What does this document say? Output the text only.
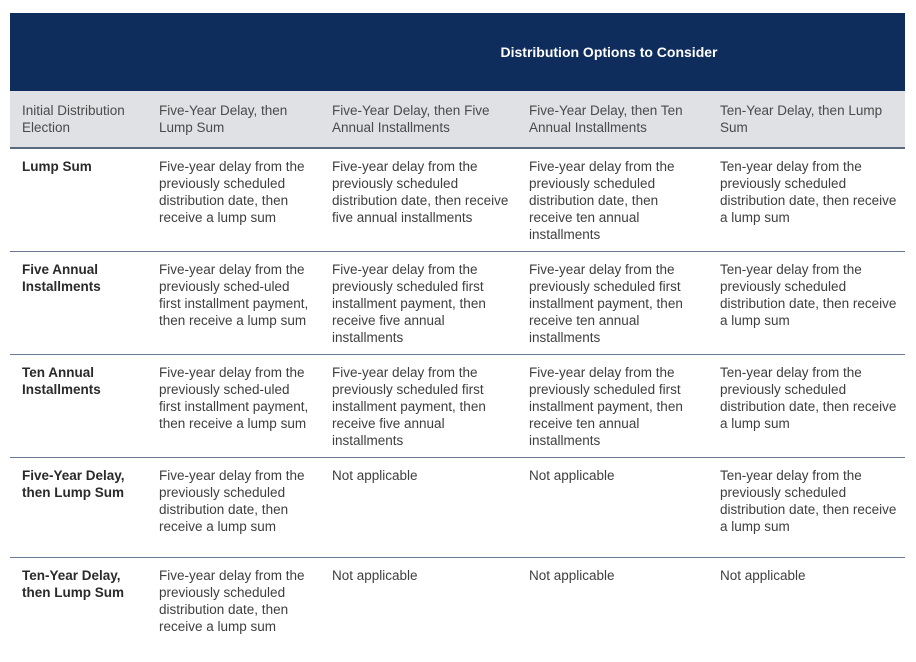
Distribution Options to Consider
Initial Distribution Election	Five-Year Delay, then Lump Sum	Five-Year Delay, then Five Annual Installments	Five-Year Delay, then Ten Annual Installments	Ten-Year Delay, then Lump Sum
Lump Sum	Five-year delay from the previously scheduled distribution date, then receive a lump sum	Five-year delay from the previously scheduled distribution date, then receive five annual installments	Five-year delay from the previously scheduled distribution date, then receive ten annual installments	Ten-year delay from the previously scheduled distribution date, then receive a lump sum
Five Annual Installments	Five-year delay from the previously sched-uled first installment payment, then receive a lump sum	Five-year delay from the previously scheduled first installment payment, then receive five annual installments	Five-year delay from the previously scheduled first installment payment, then receive ten annual installments	Ten-year delay from the previously scheduled distribution date, then receive a lump sum
Ten Annual Installments	Five-year delay from the previously sched-uled first installment payment, then receive a lump sum	Five-year delay from the previously scheduled first installment payment, then receive five annual installments	Five-year delay from the previously scheduled first installment payment, then receive ten annual installments	Ten-year delay from the previously scheduled distribution date, then receive a lump sum
Five-Year Delay, then Lump Sum	Five-year delay from the previously scheduled distribution date, then receive a lump sum	Not applicable	Not applicable	Ten-year delay from the previously scheduled distribution date, then receive a lump sum
Ten-Year Delay, then Lump Sum	Five-year delay from the previously scheduled distribution date, then receive a lump sum	Not applicable	Not applicable	Not applicable
